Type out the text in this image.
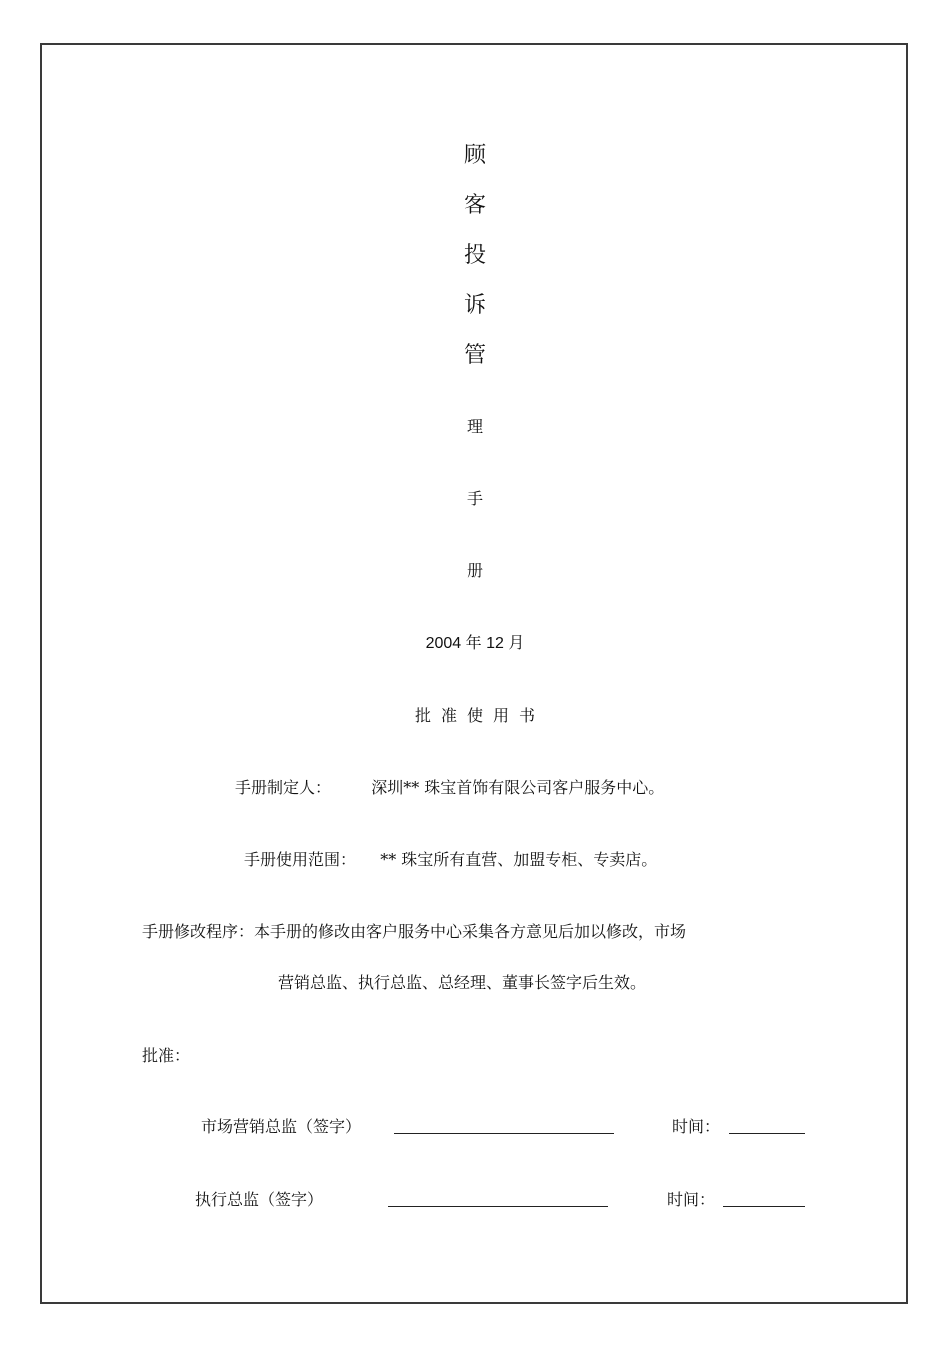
顾
客
投
诉
管
理
手
册
2004 年 12 月
批准使用书
手册制定人：	深圳** 珠宝首饰有限公司客户服务中心。
手册使用范围： ** 珠宝所有直营、加盟专柜、专卖店。
手册修改程序：本手册的修改由客户服务中心采集各方意见后加以修改，市场
营销总监、执行总监、总经理、董事长签字后生效。
批准：
市场营销总监（签字）	时间：
执行总监（签字）	时间：
